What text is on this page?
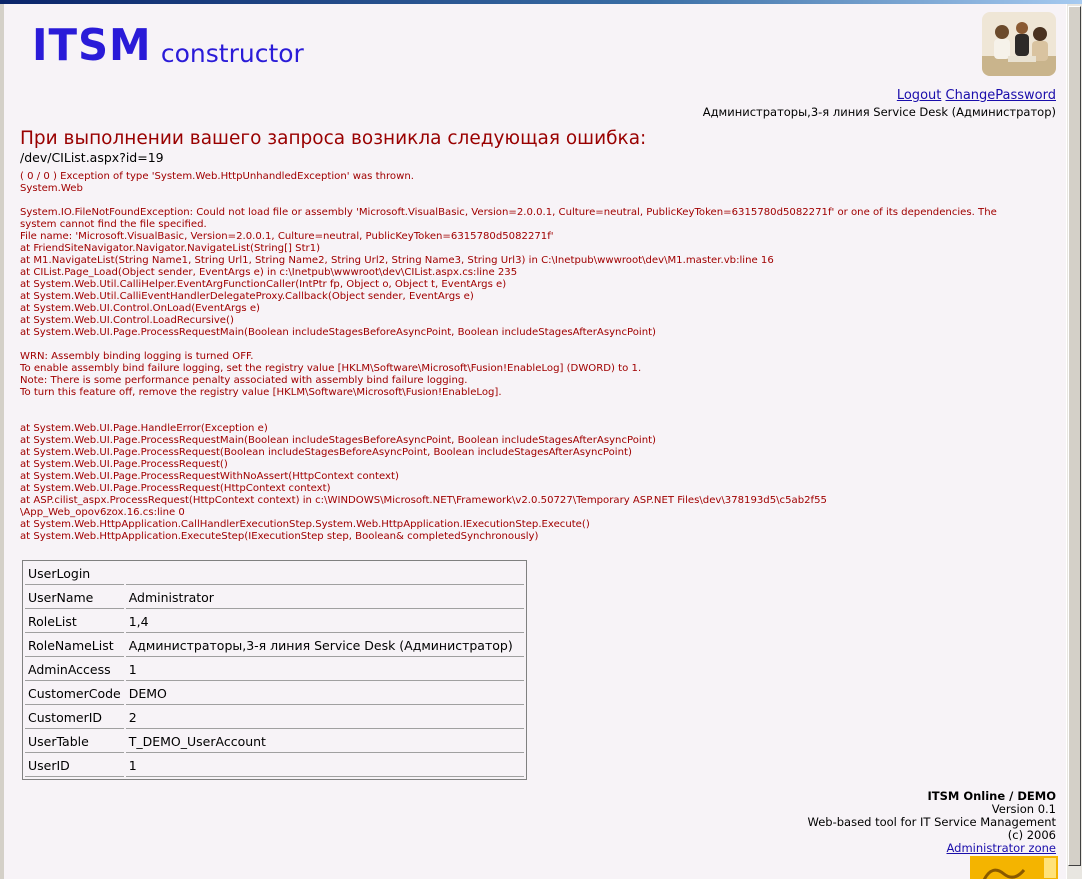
ITSM constructor
Logout ChangePassword
Администраторы,3-я линия Service Desk (Администратор)
При выполнении вашего запроса возникла следующая ошибка:
/dev/CIList.aspx?id=19
( 0 / 0 ) Exception of type 'System.Web.HttpUnhandledException' was thrown.
System.Web

System.IO.FileNotFoundException: Could not load file or assembly 'Microsoft.VisualBasic, Version=2.0.0.1, Culture=neutral, PublicKeyToken=6315780d5082271f' or one of its dependencies. The system cannot find the file specified.
File name: 'Microsoft.VisualBasic, Version=2.0.0.1, Culture=neutral, PublicKeyToken=6315780d5082271f'
at FriendSiteNavigator.Navigator.NavigateList(String[] Str1)
at M1.NavigateList(String Name1, String Url1, String Name2, String Url2, String Name3, String Url3) in C:\Inetpub\wwwroot\dev\M1.master.vb:line 16
at CIList.Page_Load(Object sender, EventArgs e) in c:\Inetpub\wwwroot\dev\CIList.aspx.cs:line 235
at System.Web.Util.CalliHelper.EventArgFunctionCaller(IntPtr fp, Object o, Object t, EventArgs e)
at System.Web.Util.CalliEventHandlerDelegateProxy.Callback(Object sender, EventArgs e)
at System.Web.UI.Control.OnLoad(EventArgs e)
at System.Web.UI.Control.LoadRecursive()
at System.Web.UI.Page.ProcessRequestMain(Boolean includeStagesBeforeAsyncPoint, Boolean includeStagesAfterAsyncPoint)

WRN: Assembly binding logging is turned OFF.
To enable assembly bind failure logging, set the registry value [HKLM\Software\Microsoft\Fusion!EnableLog] (DWORD) to 1.
Note: There is some performance penalty associated with assembly bind failure logging.
To turn this feature off, remove the registry value [HKLM\Software\Microsoft\Fusion!EnableLog].

at System.Web.UI.Page.HandleError(Exception e)
at System.Web.UI.Page.ProcessRequestMain(Boolean includeStagesBeforeAsyncPoint, Boolean includeStagesAfterAsyncPoint)
at System.Web.UI.Page.ProcessRequest(Boolean includeStagesBeforeAsyncPoint, Boolean includeStagesAfterAsyncPoint)
at System.Web.UI.Page.ProcessRequest()
at System.Web.UI.Page.ProcessRequestWithNoAssert(HttpContext context)
at System.Web.UI.Page.ProcessRequest(HttpContext context)
at ASP.cilist_aspx.ProcessRequest(HttpContext context) in c:\WINDOWS\Microsoft.NET\Framework\v2.0.50727\Temporary ASP.NET Files\dev\378193d5\c5ab2f55
\App_Web_opov6zox.16.cs:line 0
at System.Web.HttpApplication.CallHandlerExecutionStep.System.Web.HttpApplication.IExecutionStep.Execute()
at System.Web.HttpApplication.ExecuteStep(IExecutionStep step, Boolean& completedSynchronously)
UserLogin	
UserName	Administrator
RoleList	1,4
RoleNameList	Администраторы,3-я линия Service Desk (Администратор)
AdminAccess	1
CustomerCode	DEMO
CustomerID	2
UserTable	T_DEMO_UserAccount
UserID	1
ITSM Online / DEMO
Version 0.1
Web-based tool for IT Service Management
(c) 2006
Administrator zone
